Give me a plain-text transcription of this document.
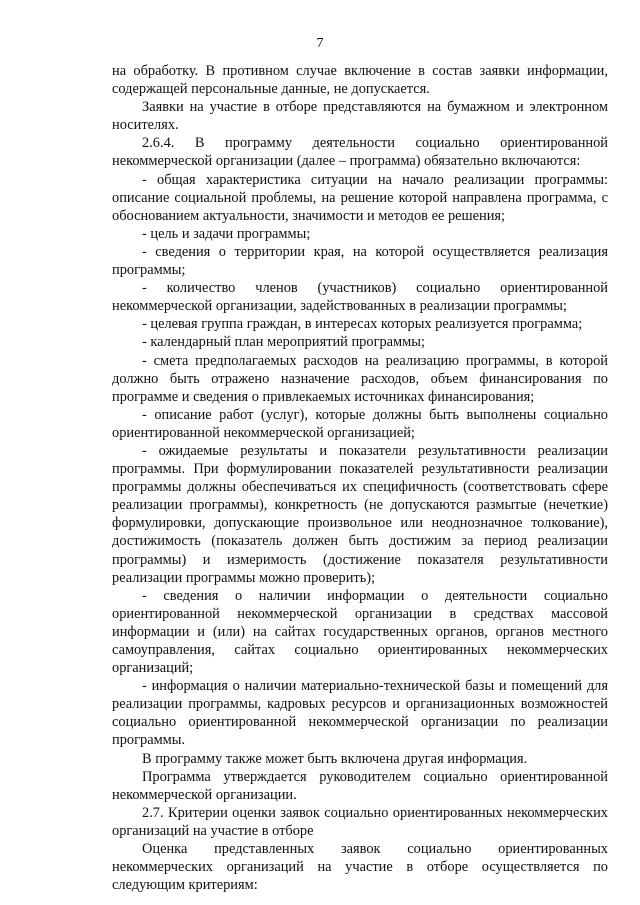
7

на обработку. В противном случае включение в состав заявки информации, содержащей персональные данные, не допускается.

Заявки на участие в отборе представляются на бумажном и электронном носителях.

2.6.4. В программу деятельности социально ориентированной некоммерческой организации (далее – программа) обязательно включаются:

- общая характеристика ситуации на начало реализации программы: описание социальной проблемы, на решение которой направлена программа, с обоснованием актуальности, значимости и методов ее решения;

- цель и задачи программы;

- сведения о территории края, на которой осуществляется реализация программы;

- количество членов (участников) социально ориентированной некоммерческой организации, задействованных в реализации программы;

- целевая группа граждан, в интересах которых реализуется программа;

- календарный план мероприятий программы;

- смета предполагаемых расходов на реализацию программы, в которой должно быть отражено назначение расходов, объем финансирования по программе и сведения о привлекаемых источниках финансирования;

- описание работ (услуг), которые должны быть выполнены социально ориентированной некоммерческой организацией;

- ожидаемые результаты и показатели результативности реализации программы. При формулировании показателей результативности реализации программы должны обеспечиваться их специфичность (соответствовать сфере реализации программы), конкретность (не допускаются размытые (нечеткие) формулировки, допускающие произвольное или неоднозначное толкование), достижимость (показатель должен быть достижим за период реализации программы) и измеримость (достижение показателя результативности реализации программы можно проверить);

- сведения о наличии информации о деятельности социально ориентированной некоммерческой организации в средствах массовой информации и (или) на сайтах государственных органов, органов местного самоуправления, сайтах социально ориентированных некоммерческих организаций;

- информация о наличии материально-технической базы и помещений для реализации программы, кадровых ресурсов и организационных возможностей социально ориентированной некоммерческой организации по реализации программы.

В программу также может быть включена другая информация.

Программа утверждается руководителем социально ориентированной некоммерческой организации.

2.7. Критерии оценки заявок социально ориентированных некоммерческих организаций на участие в отборе

Оценка представленных заявок социально ориентированных некоммерческих организаций на участие в отборе осуществляется по следующим критериям:
